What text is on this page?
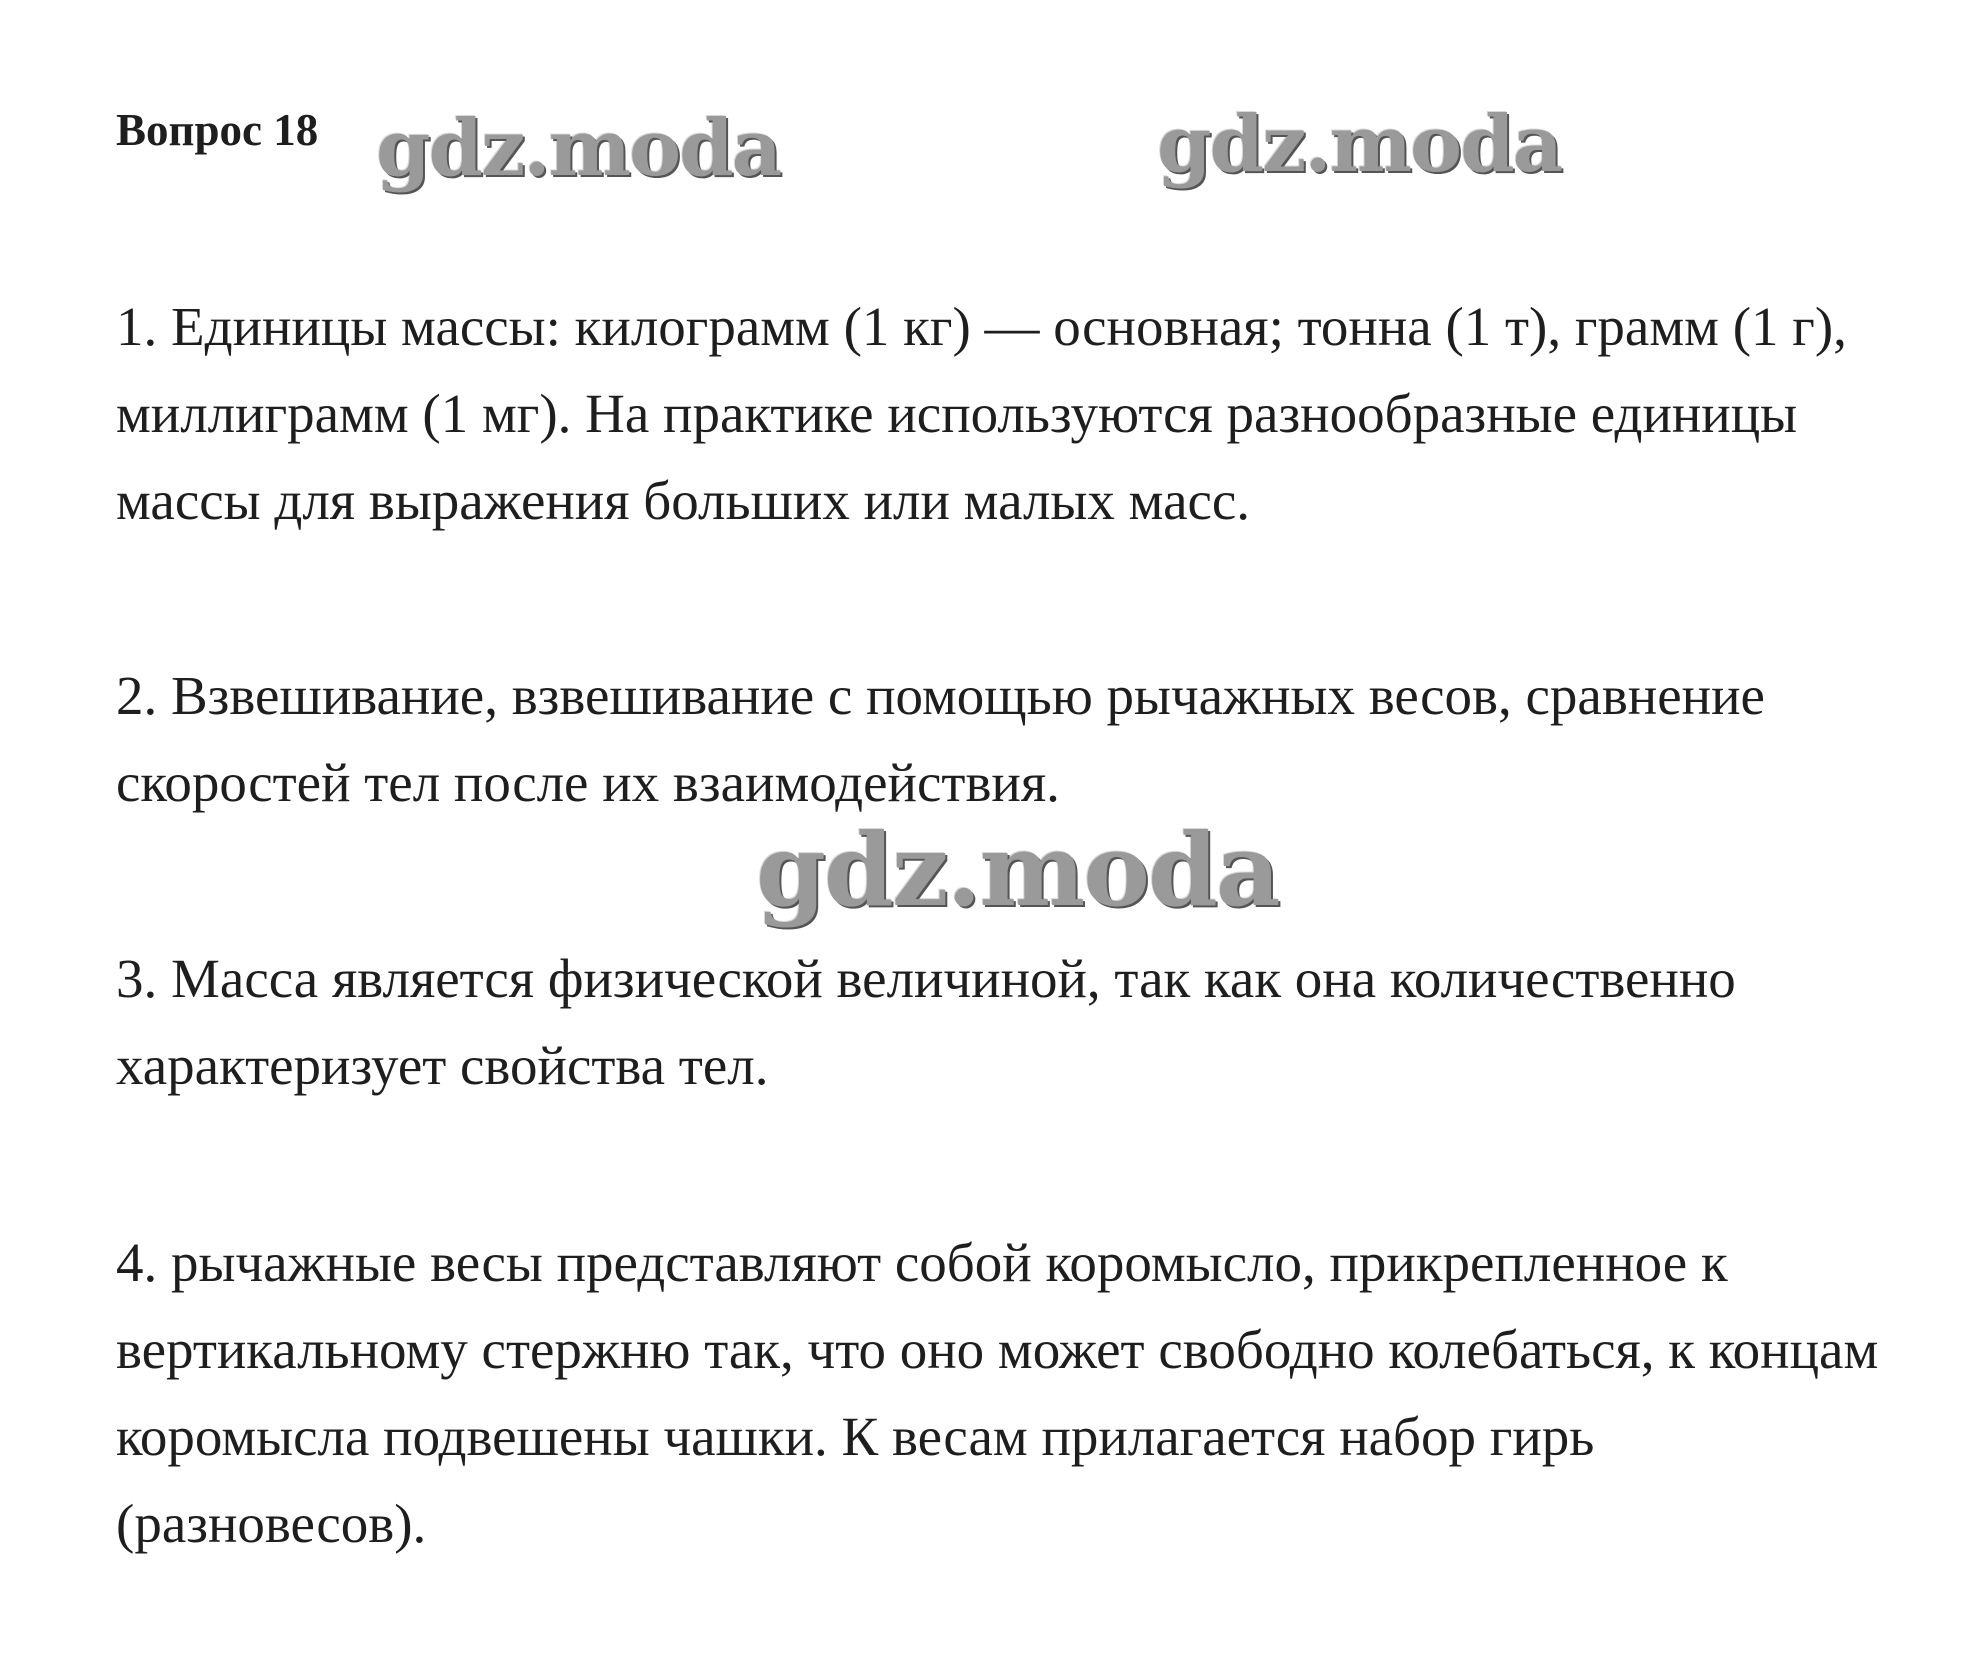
Вопрос 18

1. Единицы массы: килограмм (1 кг) — основная; тонна (1 т), грамм (1 г), миллиграмм (1 мг). На практике используются разнообразные единицы массы для выражения больших или малых масс.

2. Взвешивание, взвешивание с помощью рычажных весов, сравнение скоростей тел после их взаимодействия.

3. Масса является физической величиной, так как она количественно характеризует свойства тел.

4. рычажные весы представляют собой коромысло, прикрепленное к вертикальному стержню так, что оно может свободно колебаться, к концам коромысла подвешены чашки. К весам прилагается набор гирь (разновесов).

gdz.moda	gdz.moda
gdz.moda
